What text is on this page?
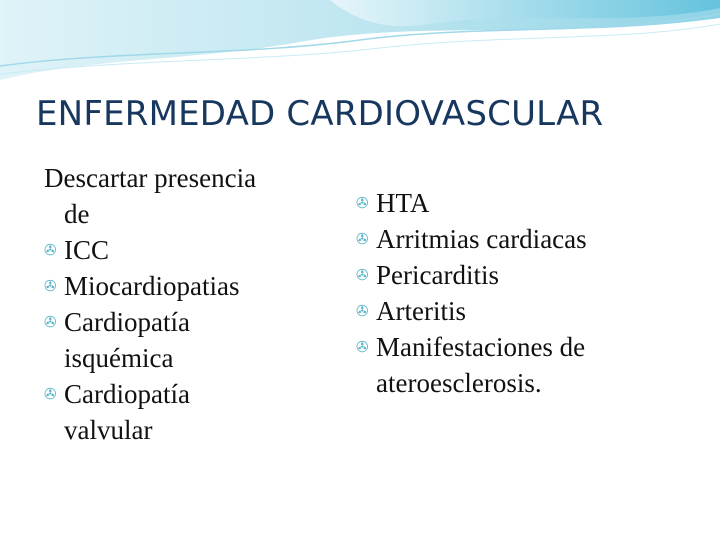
ENFERMEDAD CARDIOVASCULAR
Descartar presencia
de
✇ ICC
✇ Miocardiopatias
✇ Cardiopatía
isquémica
✇ Cardiopatía
valvular
✇ HTA
✇ Arritmias cardiacas
✇ Pericarditis
✇ Arteritis
✇ Manifestaciones de
ateroesclerosis.
